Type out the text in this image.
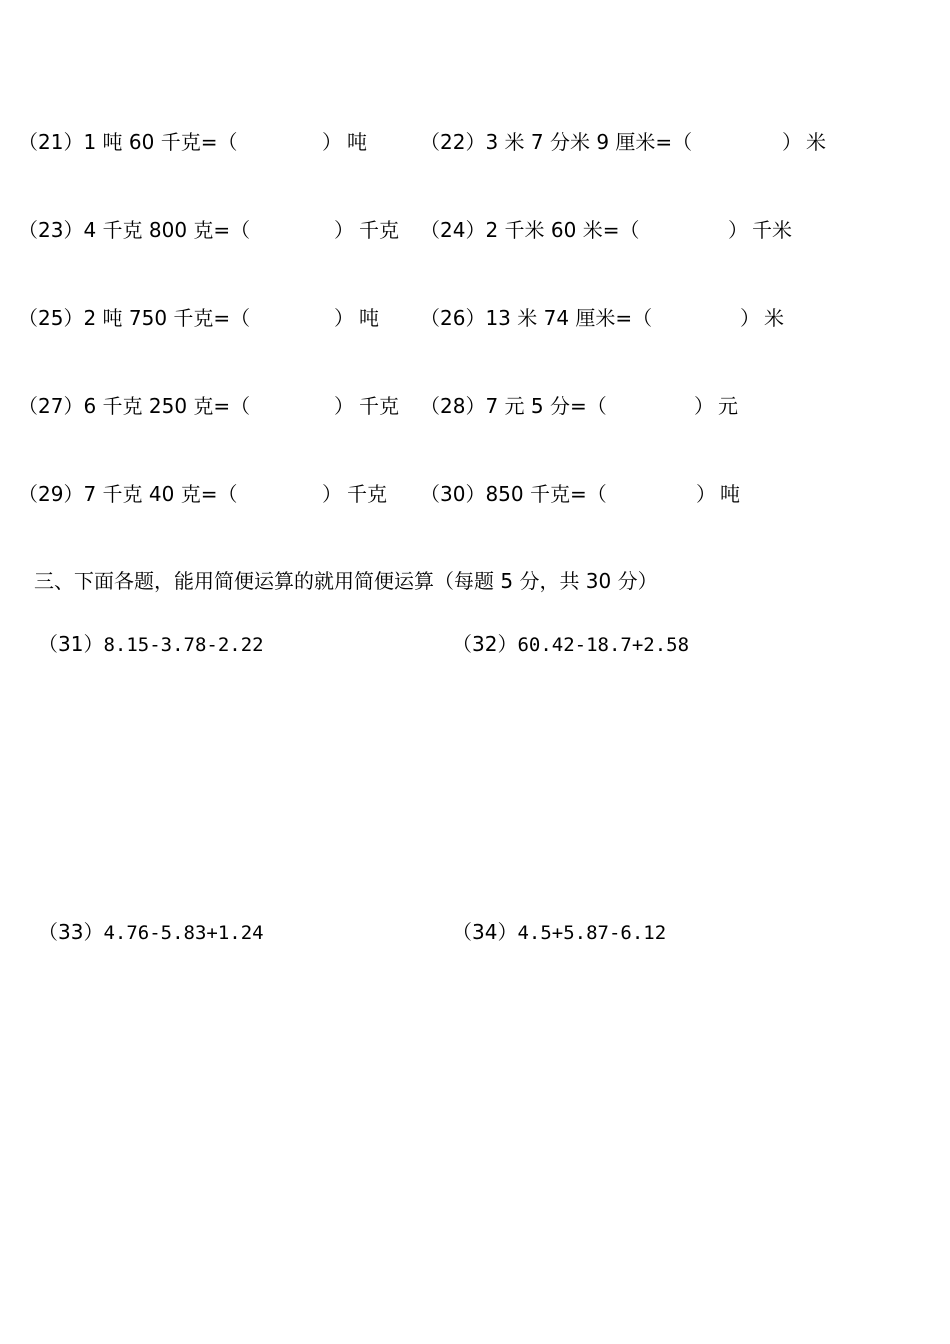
（21）1 吨 60 千克=（	） 吨	（22）3 米 7 分米 9 厘米=（	） 米
（23）4 千克 800 克=（	） 千克 （24）2 千米 60 米=（	） 千米
（25）2 吨 750 千克=（	） 吨 （26）13 米 74 厘米=（	） 米
（27）6 千克 250 克=（	） 千克 （28）7 元 5 分=（	） 元
（29）7 千克 40 克=（	） 千克 （30）850 千克=（	） 吨
三、下面各题，能用简便运算的就用简便运算（每题 5 分，共 30 分）
（31）8.15-3.78-2.22	（32）60.42-18.7+2.58
（33）4.76-5.83+1.24	（34）4.5+5.87-6.12
